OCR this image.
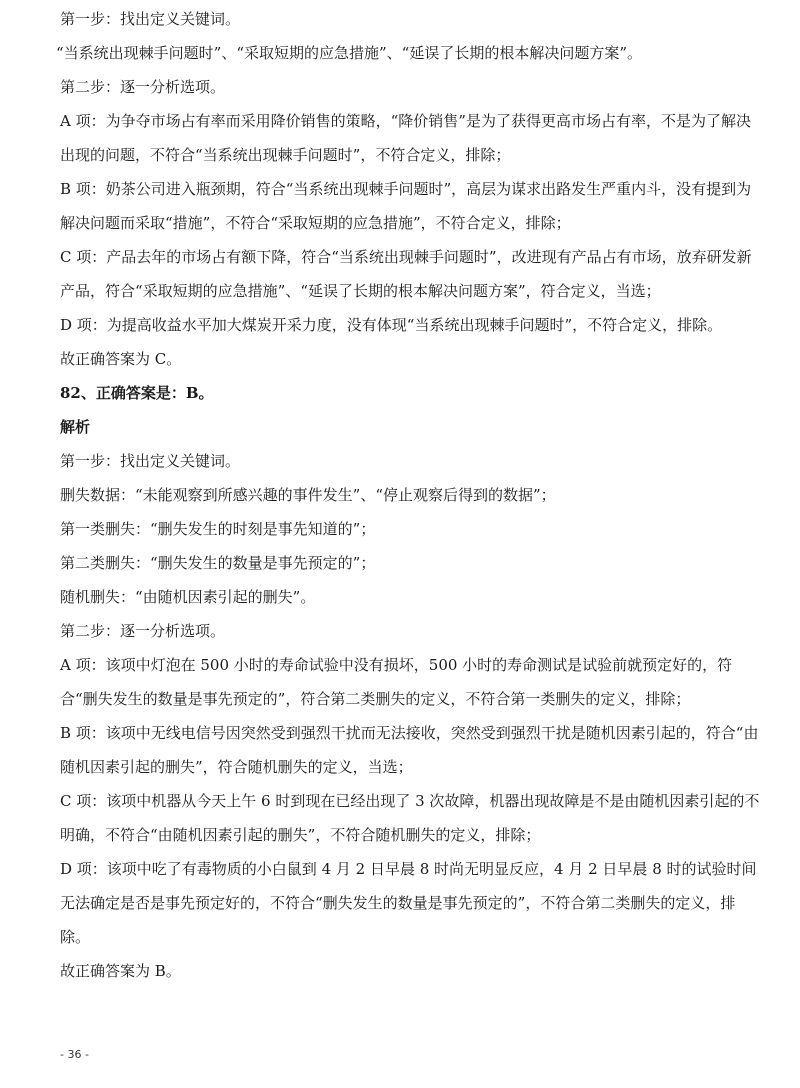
第一步：找出定义关键词。

“当系统出现棘手问题时”、“采取短期的应急措施”、“延误了长期的根本解决问题方案”。

第二步：逐一分析选项。

A 项：为争夺市场占有率而采用降价销售的策略，“降价销售”是为了获得更高市场占有率，不是为了解决出现的问题，不符合“当系统出现棘手问题时”，不符合定义，排除；

B 项：奶茶公司进入瓶颈期，符合“当系统出现棘手问题时”，高层为谋求出路发生严重内斗，没有提到为解决问题而采取“措施”，不符合“采取短期的应急措施”，不符合定义，排除；

C 项：产品去年的市场占有额下降，符合“当系统出现棘手问题时”，改进现有产品占有市场，放弃研发新产品，符合“采取短期的应急措施”、“延误了长期的根本解决问题方案”，符合定义，当选；

D 项：为提高收益水平加大煤炭开采力度，没有体现“当系统出现棘手问题时”，不符合定义，排除。

故正确答案为 C。

82、正确答案是：B。

解析

第一步：找出定义关键词。

删失数据：“未能观察到所感兴趣的事件发生”、“停止观察后得到的数据”；

第一类删失：“删失发生的时刻是事先知道的”；

第二类删失：“删失发生的数量是事先预定的”；

随机删失：“由随机因素引起的删失”。

第二步：逐一分析选项。

A 项：该项中灯泡在 500 小时的寿命试验中没有损坏，500 小时的寿命测试是试验前就预定好的，符合“删失发生的数量是事先预定的”，符合第二类删失的定义，不符合第一类删失的定义，排除；

B 项：该项中无线电信号因突然受到强烈干扰而无法接收，突然受到强烈干扰是随机因素引起的，符合“由随机因素引起的删失”，符合随机删失的定义，当选；

C 项：该项中机器从今天上午 6 时到现在已经出现了 3 次故障，机器出现故障是不是由随机因素引起的不明确，不符合“由随机因素引起的删失”，不符合随机删失的定义，排除；

D 项：该项中吃了有毒物质的小白鼠到 4 月 2 日早晨 8 时尚无明显反应，4 月 2 日早晨 8 时的试验时间无法确定是否是事先预定好的，不符合“删失发生的数量是事先预定的”，不符合第二类删失的定义，排除。

故正确答案为 B。

- 36 -
